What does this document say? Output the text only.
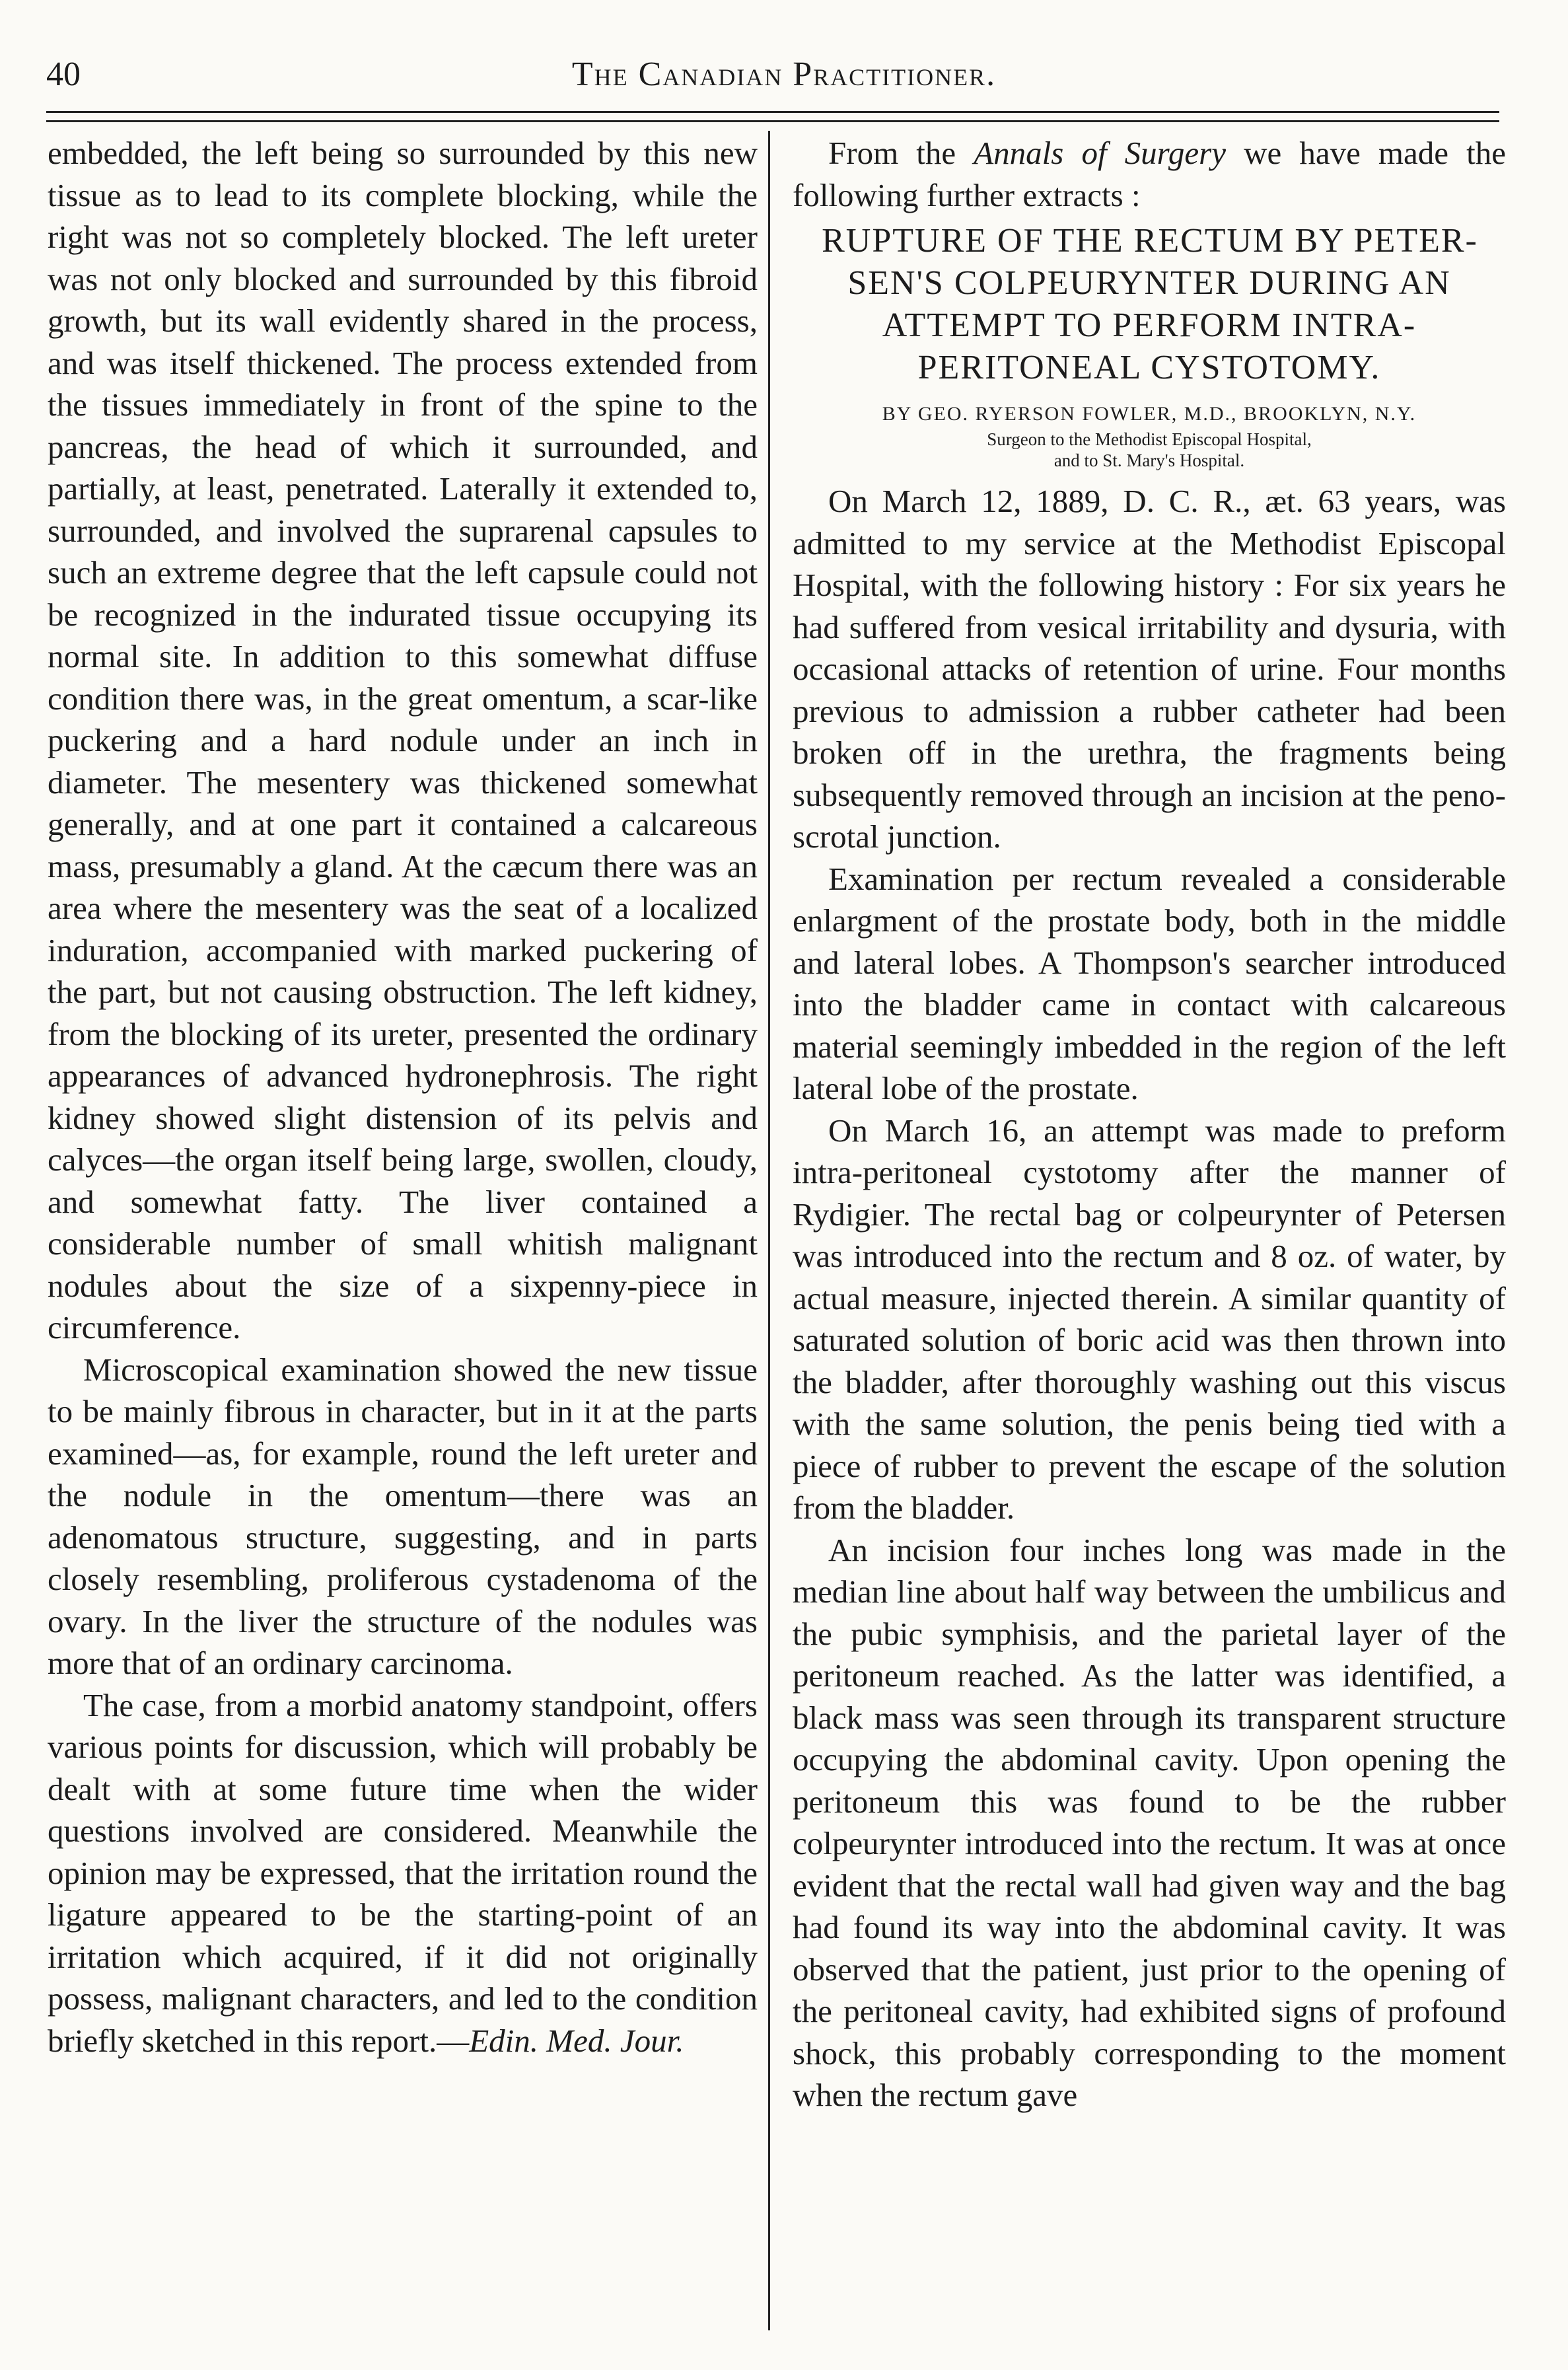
40	The Canadian Practitioner.

embedded, the left being so surrounded by this new tissue as to lead to its complete blocking, while the right was not so completely blocked. The left ureter was not only blocked and surrounded by this fibroid growth, but its wall evidently shared in the process, and was itself thickened. The process extended from the tissues immediately in front of the spine to the pancreas, the head of which it surrounded, and partially, at least, penetrated. Laterally it extended to, surrounded, and involved the suprarenal capsules to such an extreme degree that the left capsule could not be recognized in the indurated tissue occupying its normal site. In addition to this somewhat diffuse condition there was, in the great omentum, a scar-like puckering and a hard nodule under an inch in diameter. The mesentery was thickened somewhat generally, and at one part it contained a calcareous mass, presumably a gland. At the cæcum there was an area where the mesentery was the seat of a localized induration, accompanied with marked puckering of the part, but not causing obstruction. The left kidney, from the blocking of its ureter, presented the ordinary appearances of advanced hydronephrosis. The right kidney showed slight distension of its pelvis and calyces—the organ itself being large, swollen, cloudy, and somewhat fatty. The liver contained a considerable number of small whitish malignant nodules about the size of a sixpenny-piece in circumference.

Microscopical examination showed the new tissue to be mainly fibrous in character, but in it at the parts examined—as, for example, round the left ureter and the nodule in the omentum—there was an adenomatous structure, suggesting, and in parts closely resembling, proliferous cystadenoma of the ovary. In the liver the structure of the nodules was more that of an ordinary carcinoma.

The case, from a morbid anatomy standpoint, offers various points for discussion, which will probably be dealt with at some future time when the wider questions involved are considered. Meanwhile the opinion may be expressed, that the irritation round the ligature appeared to be the starting-point of an irritation which acquired, if it did not originally possess, malignant characters, and led to the condition briefly sketched in this report.—Edin. Med. Jour.

From the Annals of Surgery we have made the following further extracts :

RUPTURE OF THE RECTUM BY PETERSEN'S COLPEURYNTER DURING AN ATTEMPT TO PERFORM INTRA-PERITONEAL CYSTOTOMY.
BY GEO. RYERSON FOWLER, M.D., BROOKLYN, N.Y.

Surgeon to the Methodist Episcopal Hospital,

and to St. Mary's Hospital.

On March 12, 1889, D. C. R., æt. 63 years, was admitted to my service at the Methodist Episcopal Hospital, with the following history : For six years he had suffered from vesical irritability and dysuria, with occasional attacks of retention of urine. Four months previous to admission a rubber catheter had been broken off in the urethra, the fragments being subsequently removed through an incision at the peno-scrotal junction.

Examination per rectum revealed a considerable enlargment of the prostate body, both in the middle and lateral lobes. A Thompson's searcher introduced into the bladder came in contact with calcareous material seemingly imbedded in the region of the left lateral lobe of the prostate.

On March 16, an attempt was made to preform intra-peritoneal cystotomy after the manner of Rydigier. The rectal bag or colpeurynter of Petersen was introduced into the rectum and 8 oz. of water, by actual measure, injected therein. A similar quantity of saturated solution of boric acid was then thrown into the bladder, after thoroughly washing out this viscus with the same solution, the penis being tied with a piece of rubber to prevent the escape of the solution from the bladder.

An incision four inches long was made in the median line about half way between the umbilicus and the pubic symphisis, and the parietal layer of the peritoneum reached. As the latter was identified, a black mass was seen through its transparent structure occupying the abdominal cavity. Upon opening the peritoneum this was found to be the rubber colpeurynter introduced into the rectum. It was at once evident that the rectal wall had given way and the bag had found its way into the abdominal cavity. It was observed that the patient, just prior to the opening of the peritoneal cavity, had exhibited signs of profound shock, this probably corresponding to the moment when the rectum gave
